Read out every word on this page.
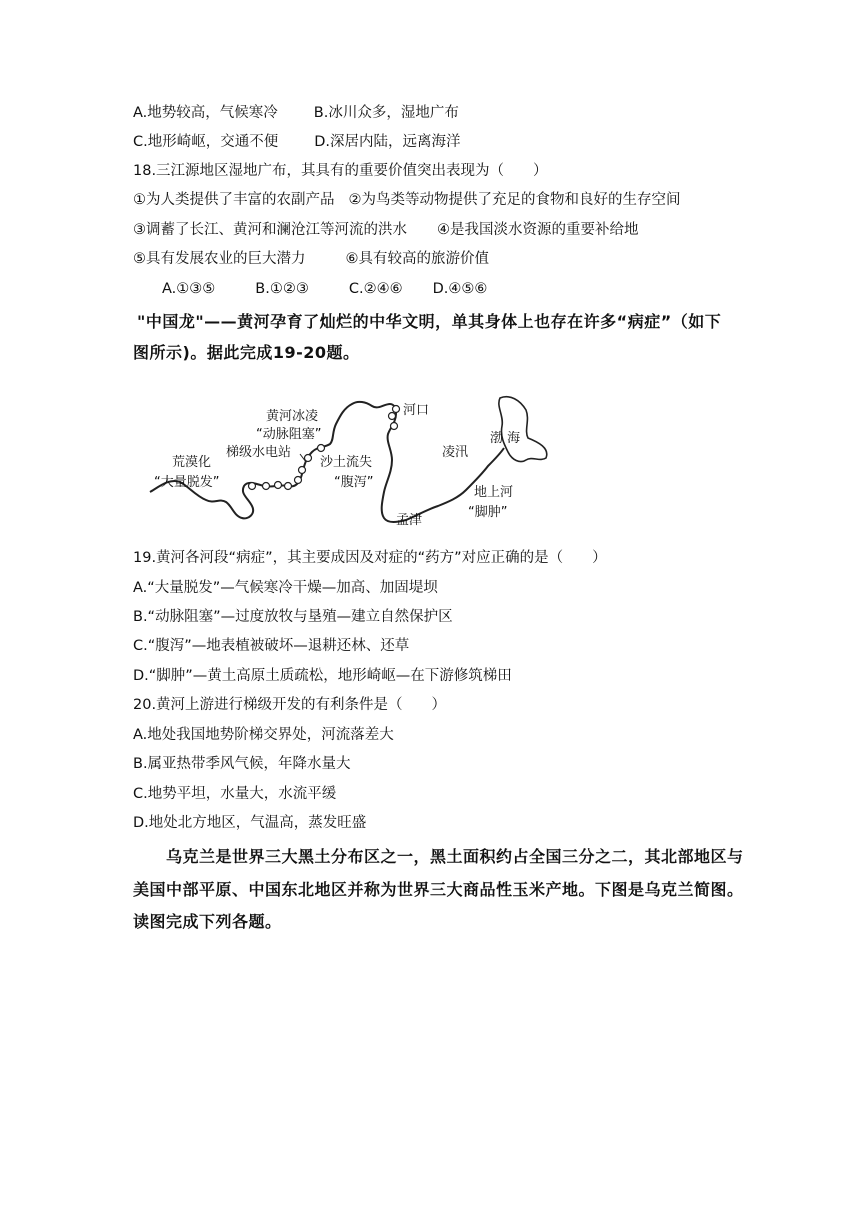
A.地势较高，气候寒冷 B.冰川众多，湿地广布
C.地形崎岖，交通不便 D.深居内陆，远离海洋
18.三江源地区湿地广布，其具有的重要价值突出表现为（　　）
①为人类提供了丰富的农副产品 ②为鸟类等动物提供了充足的食物和良好的生存空间
③调蓄了长江、黄河和澜沧江等河流的洪水 ④是我国淡水资源的重要补给地
⑤具有发展农业的巨大潜力	⑥具有较高的旅游价值
A.①③⑤	B.①②③	C.②④⑥ D.④⑤⑥
"中国龙"——黄河孕育了灿烂的中华文明，单其身体上也存在许多“病症”（如下
图所示)。据此完成19-20题。
荒漠化
“大量脱发”
梯级水电站
黄河冰凌
“动脉阻塞”
河口
沙土流失
“腹泻”
渤 海
凌汛
地上河
“脚肿”
孟津
19.黄河各河段“病症”，其主要成因及对症的“药方”对应正确的是（　　）
A.“大量脱发”—气候寒冷干燥—加高、加固堤坝
B.“动脉阻塞”—过度放牧与垦殖—建立自然保护区
C.“腹泻”—地表植被破坏—退耕还林、还草
D.“脚肿”—黄土高原土质疏松，地形崎岖—在下游修筑梯田
20.黄河上游进行梯级开发的有利条件是（　　）
A.地处我国地势阶梯交界处，河流落差大
B.属亚热带季风气候，年降水量大
C.地势平坦，水量大，水流平缓
D.地处北方地区，气温高，蒸发旺盛
乌克兰是世界三大黑土分布区之一，黑土面积约占全国三分之二，其北部地区与
美国中部平原、中国东北地区并称为世界三大商品性玉米产地。下图是乌克兰简图。
读图完成下列各题。
